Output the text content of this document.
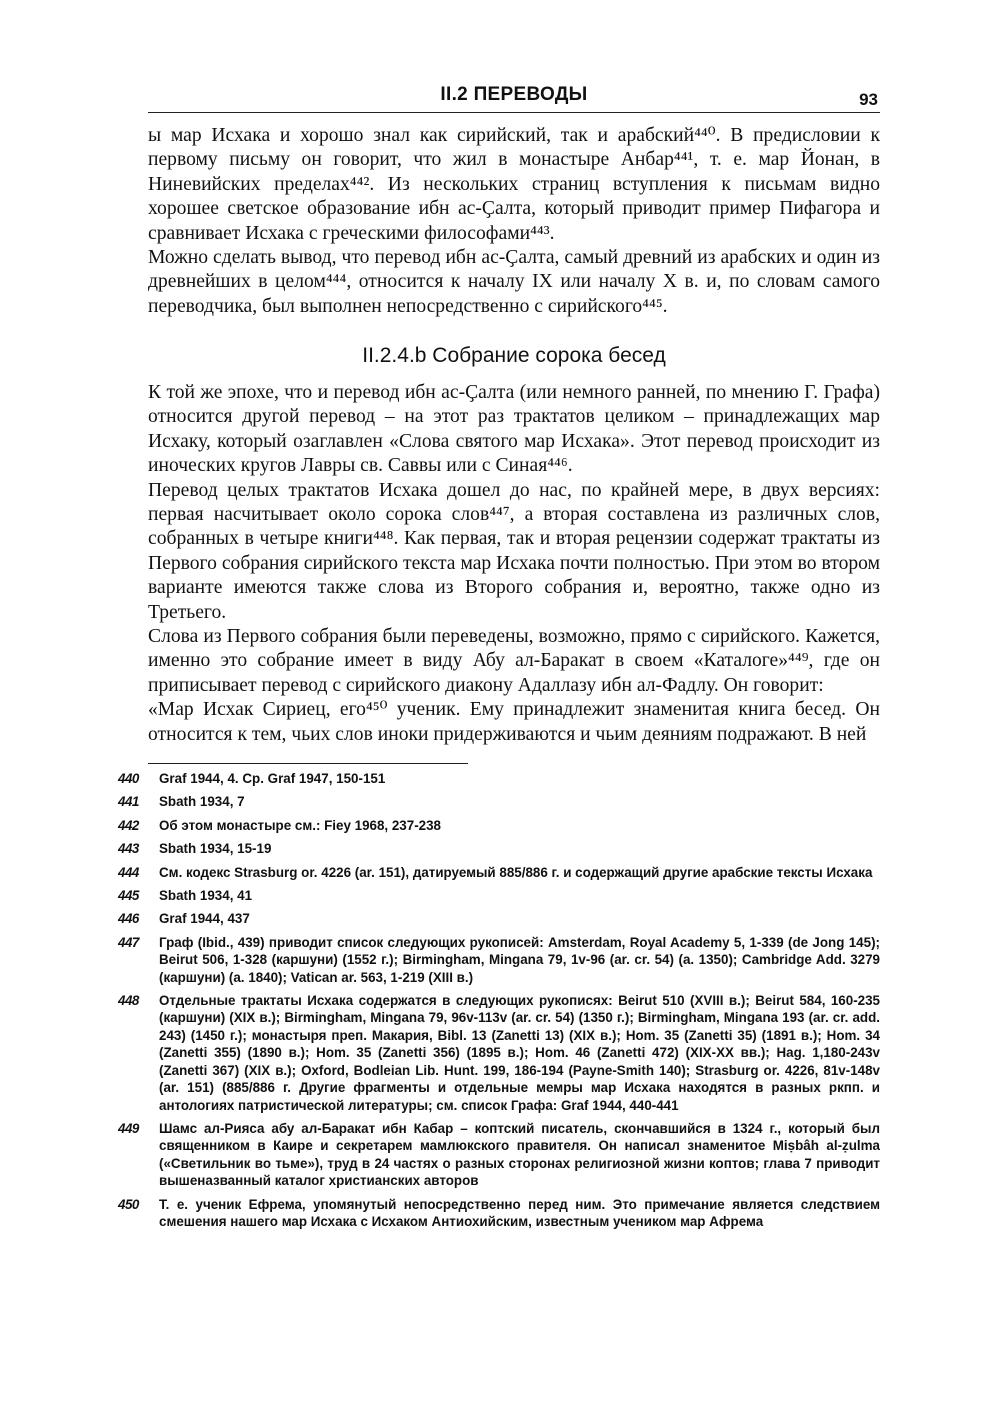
II.2 ПЕРЕВОДЫ	93

ы мар Исхака и хорошо знал как сирийский, так и арабский⁴⁴⁰. В предисловии к первому письму он говорит, что жил в монастыре Анбар⁴⁴¹, т. е. мар Йонан, в Ниневийских пределах⁴⁴². Из нескольких страниц вступления к письмам видно хорошее светское образование ибн ас-Ҫалта, который приводит пример Пифагора и сравнивает Исхака с греческими философами⁴⁴³.

Можно сделать вывод, что перевод ибн ас-Ҫалта, самый древний из арабских и один из древнейших в целом⁴⁴⁴, относится к началу IX или началу X в. и, по словам самого переводчика, был выполнен непосредственно с сирийского⁴⁴⁵.

II.2.4.b Собрание сорока бесед

К той же эпохе, что и перевод ибн ас-Ҫалта (или немного ранней, по мнению Г. Графа) относится другой перевод – на этот раз трактатов целиком – принадлежащих мар Исхаку, который озаглавлен «Слова святого мар Исхака». Этот перевод происходит из иноческих кругов Лавры св. Саввы или с Синая⁴⁴⁶.

Перевод целых трактатов Исхака дошел до нас, по крайней мере, в двух версиях: первая насчитывает около сорока слов⁴⁴⁷, а вторая составлена из различных слов, собранных в четыре книги⁴⁴⁸. Как первая, так и вторая рецензии содержат трактаты из Первого собрания сирийского текста мар Исхака почти полностью. При этом во втором варианте имеются также слова из Второго собрания и, вероятно, также одно из Третьего.

Слова из Первого собрания были переведены, возможно, прямо с сирийского. Кажется, именно это собрание имеет в виду Абу ал-Баракат в своем «Каталоге»⁴⁴⁹, где он приписывает перевод с сирийского диакону Адаллазу ибн ал-Фадлу. Он говорит:

«Мар Исхак Сириец, его⁴⁵⁰ ученик. Ему принадлежит знаменитая книга бесед. Он относится к тем, чьих слов иноки придерживаются и чьим деяниям подражают. В ней

440	Graf 1944, 4. Cp. Graf 1947, 150-151
441	Sbath 1934, 7
442	Об этом монастыре см.: Fiey 1968, 237-238
443	Sbath 1934, 15-19
444	См. кодекс Strasburg or. 4226 (ar. 151), датируемый 885/886 г. и содержащий другие арабские тексты Исхака
445	Sbath 1934, 41
446	Graf 1944, 437
447	Граф (Ibid., 439) приводит список следующих рукописей: Amsterdam, Royal Academy 5, 1-339 (de Jong 145); Beirut 506, 1-328 (каршуни) (1552 г.); Birmingham, Mingana 79, 1v-96 (ar. cr. 54) (a. 1350); Cambridge Add. 3279 (каршуни) (a. 1840); Vatican ar. 563, 1-219 (XIII в.)
448	Отдельные трактаты Исхака содержатся в следующих рукописях: Beirut 510 (XVIII в.); Beirut 584, 160-235 (каршуни) (XIX в.); Birmingham, Mingana 79, 96v-113v (ar. cr. 54) (1350 г.); Birmingham, Mingana 193 (ar. cr. add. 243) (1450 г.); монастыря преп. Макария, Bibl. 13 (Zanetti 13) (XIX в.); Hom. 35 (Zanetti 35) (1891 в.); Hom. 34 (Zanetti 355) (1890 в.); Hom. 35 (Zanetti 356) (1895 в.); Hom. 46 (Zanetti 472) (XIX-XX вв.); Hag. 1,180-243v (Zanetti 367) (XIX в.); Oxford, Bodleian Lib. Hunt. 199, 186-194 (Payne-Smith 140); Strasburg or. 4226, 81v-148v (ar. 151) (885/886 г. Другие фрагменты и отдельные мемры мар Исхака находятся в разных ркпп. и антологиях патристической литературы; см. список Графа: Graf 1944, 440-441
449	Шамс ал-Рияса абу ал-Баракат ибн Кабар – коптский писатель, скончавшийся в 1324 г., который был священником в Каире и секретарем мамлюкского правителя. Он написал знаменитое Miṣbâh al-ẓulma («Светильник во тьме»), труд в 24 частях о разных сторонах религиозной жизни коптов; глава 7 приводит вышеназванный каталог христианских авторов
450	Т. е. ученик Ефрема, упомянутый непосредственно перед ним. Это примечание является следствием смешения нашего мар Исхака с Исхаком Антиохийским, известным учеником мар Афрема
